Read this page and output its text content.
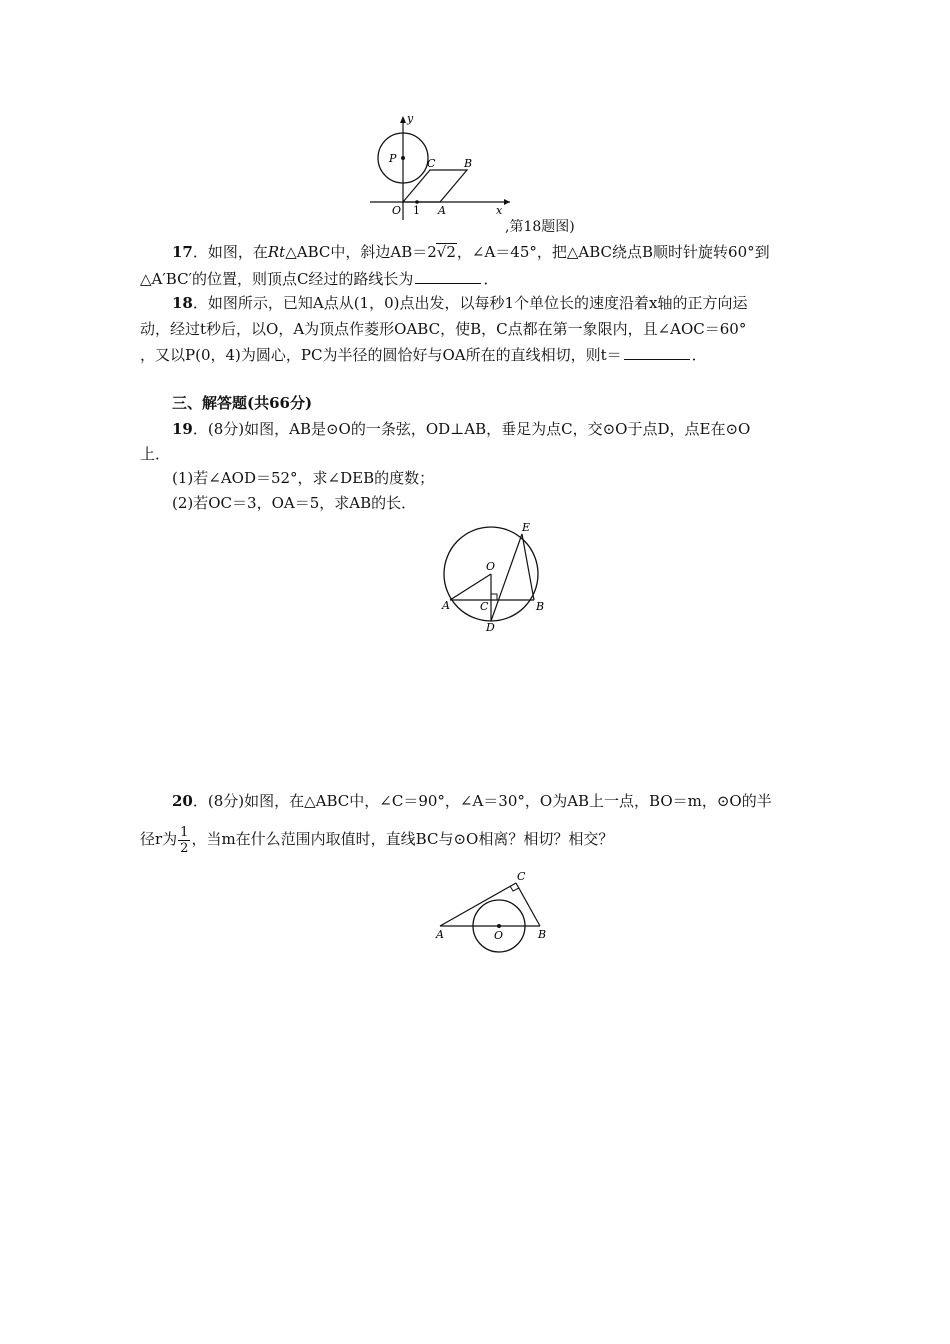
y
x
P	C	B
O 1 A
,第18题图)
17．如图，在Rt△ABC中，斜边AB＝2√2，∠A＝45°，把△ABC绕点B顺时针旋转60°到
△A′BC′的位置，则顶点C经过的路线长为	．
18．如图所示，已知A点从(1，0)点出发，以每秒1个单位长的速度沿着x轴的正方向运
动，经过t秒后，以O，A为顶点作菱形OABC，使B，C点都在第一象限内，且∠AOC＝60°
，又以P(0，4)为圆心，PC为半径的圆恰好与OA所在的直线相切，则t＝	．
三、解答题(共66分)
19．(8分)如图，AB是⊙O的一条弦，OD⊥AB，垂足为点C，交⊙O于点D，点E在⊙O
上．
(1)若∠AOD＝52°，求∠DEB的度数；
(2)若OC＝3，OA＝5，求AB的长．
E
O
A	C	B
D
20．(8分)如图，在△ABC中，∠C＝90°，∠A＝30°，O为AB上一点，BO＝m，⊙O的半
径r为 $\frac{1}{2}$ ，当m在什么范围内取值时，直线BC与⊙O相离？相切？相交？
C
A	O	B
